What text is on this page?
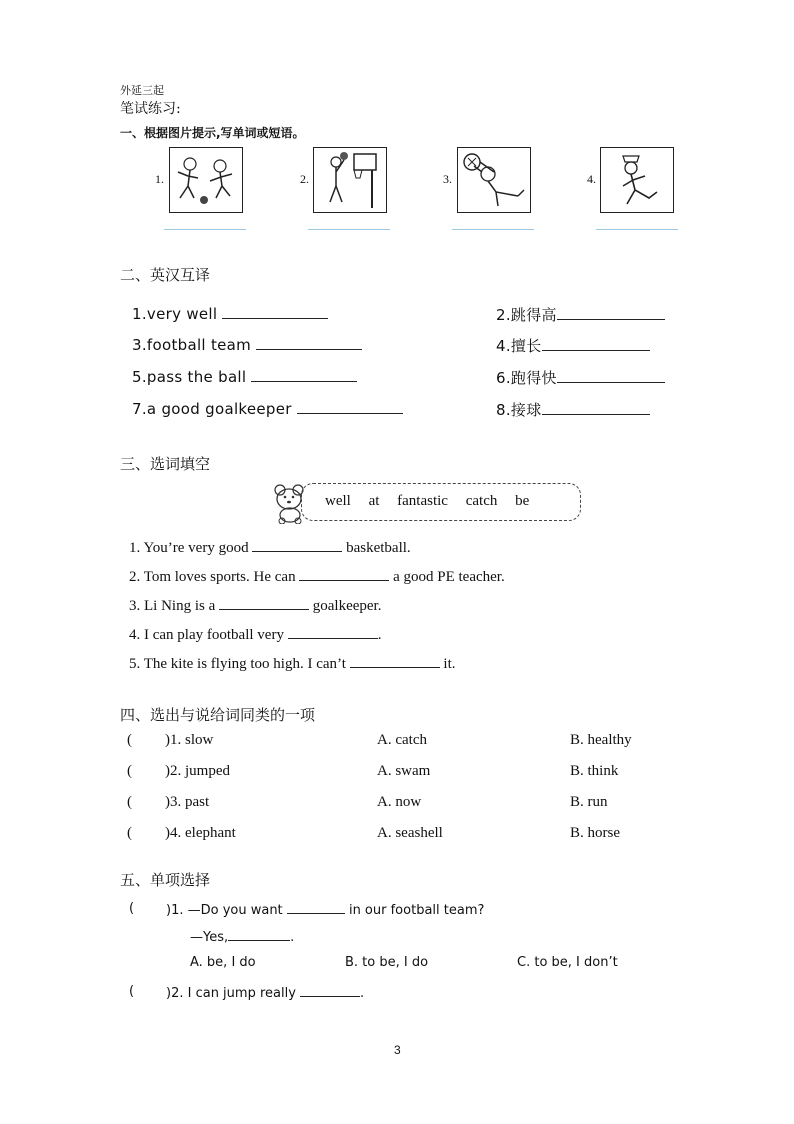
外延三起
笔试练习:
一、根据图片提示,写单词或短语。
1.	2.	3.	4.
二、英汉互译
1.very well	2.跳得高
3.football team	4.擅长
5.pass the ball	6.跑得快
7.a good goalkeeper	8.接球
三、选词填空
well at fantastic catch be
1. You’re very good	basketball.
2. Tom loves sports. He can	a good PE teacher.
3. Li Ning is a	goalkeeper.
4. I can play football very	.
5. The kite is flying too high. I can’t	it.
四、选出与说给词同类的一项
( )1. slow	A. catch	B. healthy
( )2. jumped	A. swam	B. think
( )3. past	A. now	B. run
( )4. elephant	A. seashell	B. horse
五、单项选择
( )1. —Do you want	in our football team?
—Yes,	.
A. be, I do	B. to be, I do	C. to be, I don’t
( )2. I can jump really	.
3
